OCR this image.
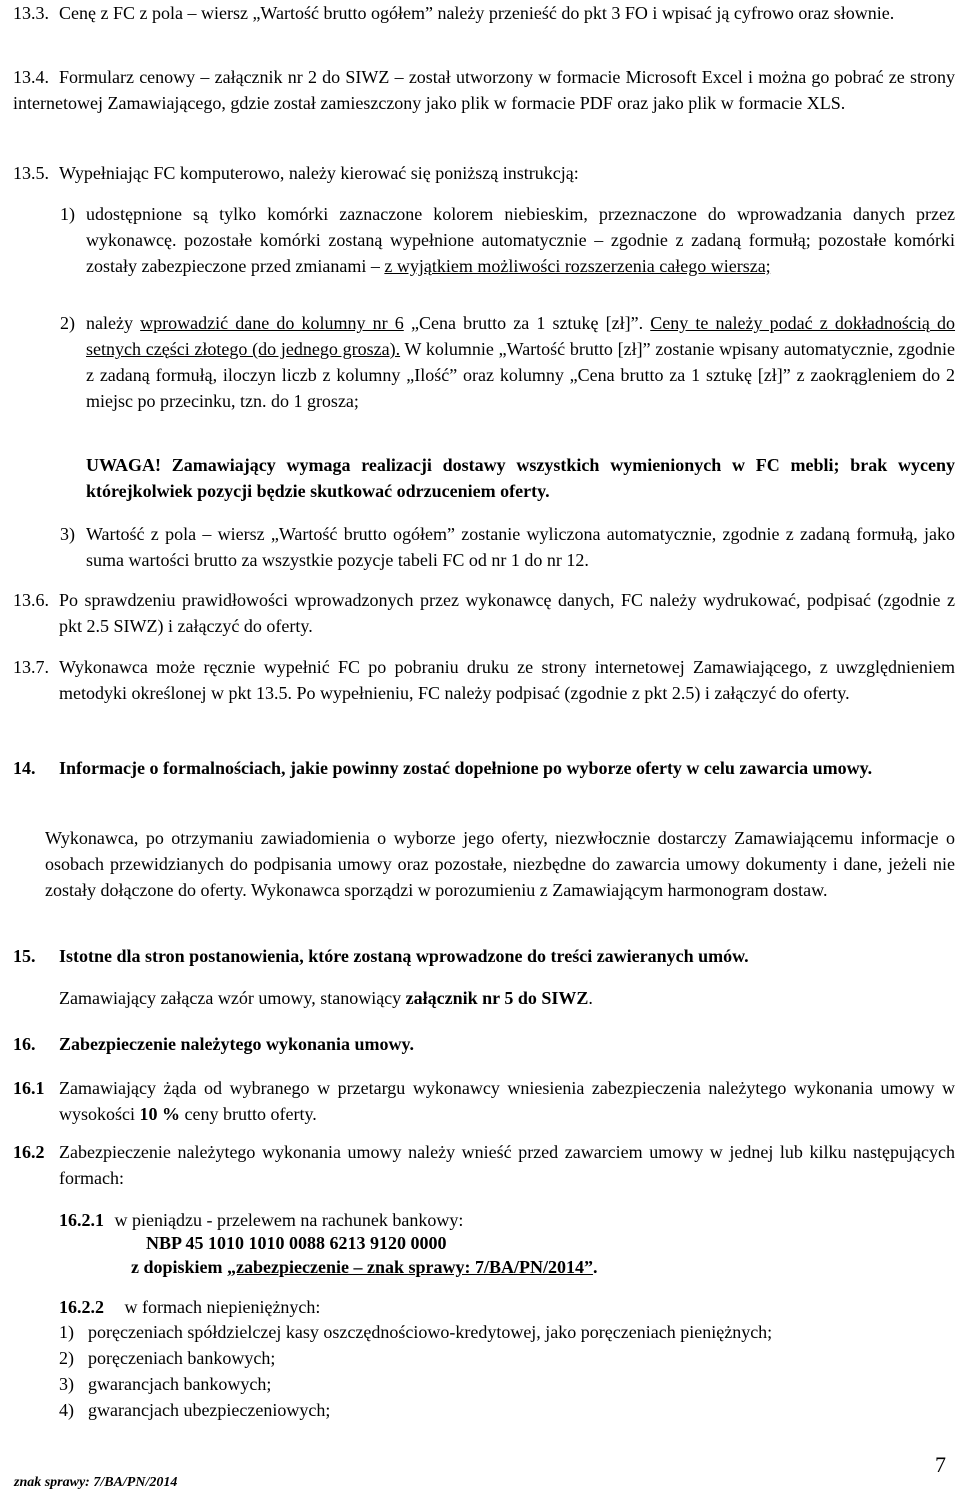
13.3. Cenę z FC z pola – wiersz „Wartość brutto ogółem” należy przenieść do pkt 3 FO i wpisać ją cyfrowo oraz słownie.
13.4. Formularz cenowy – załącznik nr 2 do SIWZ – został utworzony w formacie Microsoft Excel i można go pobrać ze strony internetowej Zamawiającego, gdzie został zamieszczony jako plik w formacie PDF oraz jako plik w formacie XLS.
13.5. Wypełniając FC komputerowo, należy kierować się poniższą instrukcją:
1) udostępnione są tylko komórki zaznaczone kolorem niebieskim, przeznaczone do wprowadzania danych przez wykonawcę. pozostałe komórki zostaną wypełnione automatycznie – zgodnie z zadaną formułą; pozostałe komórki zostały zabezpieczone przed zmianami – z wyjątkiem możliwości rozszerzenia całego wiersza;
2) należy wprowadzić dane do kolumny nr 6 „Cena brutto za 1 sztukę [zł]”. Ceny te należy podać z dokładnością do setnych części złotego (do jednego grosza). W kolumnie „Wartość brutto [zł]” zostanie wpisany automatycznie, zgodnie z zadaną formułą, iloczyn liczb z kolumny „Ilość” oraz kolumny „Cena brutto za 1 sztukę [zł]” z zaokrągleniem do 2 miejsc po przecinku, tzn. do 1 grosza;
UWAGA! Zamawiający wymaga realizacji dostawy wszystkich wymienionych w FC mebli; brak wyceny którejkolwiek pozycji będzie skutkować odrzuceniem oferty.
3) Wartość z pola – wiersz „Wartość brutto ogółem” zostanie wyliczona automatycznie, zgodnie z zadaną formułą, jako suma wartości brutto za wszystkie pozycje tabeli FC od nr 1 do nr 12.
13.6. Po sprawdzeniu prawidłowości wprowadzonych przez wykonawcę danych, FC należy wydrukować, podpisać (zgodnie z pkt 2.5 SIWZ) i załączyć do oferty.
13.7. Wykonawca może ręcznie wypełnić FC po pobraniu druku ze strony internetowej Zamawiającego, z uwzględnieniem metodyki określonej w pkt 13.5. Po wypełnieniu, FC należy podpisać (zgodnie z pkt 2.5) i załączyć do oferty.
14. Informacje o formalnościach, jakie powinny zostać dopełnione po wyborze oferty w celu zawarcia umowy.
Wykonawca, po otrzymaniu zawiadomienia o wyborze jego oferty, niezwłocznie dostarczy Zamawiającemu informacje o osobach przewidzianych do podpisania umowy oraz pozostałe, niezbędne do zawarcia umowy dokumenty i dane, jeżeli nie zostały dołączone do oferty. Wykonawca sporządzi w porozumieniu z Zamawiającym harmonogram dostaw.
15. Istotne dla stron postanowienia, które zostaną wprowadzone do treści zawieranych umów.
Zamawiający załącza wzór umowy, stanowiący załącznik nr 5 do SIWZ.
16. Zabezpieczenie należytego wykonania umowy.
16.1 Zamawiający żąda od wybranego w przetargu wykonawcy wniesienia zabezpieczenia należytego wykonania umowy w wysokości 10 % ceny brutto oferty.
16.2 Zabezpieczenie należytego wykonania umowy należy wnieść przed zawarciem umowy w jednej lub kilku następujących formach:
16.2.1 w pieniądzu - przelewem na rachunek bankowy:
NBP 45 1010 1010 0088 6213 9120 0000
z dopiskiem „zabezpieczenie – znak sprawy: 7/BA/PN/2014”.
16.2.2 w formach niepieniężnych:
1) poręczeniach spółdzielczej kasy oszczędnościowo-kredytowej, jako poręczeniach pieniężnych;
2) poręczeniach bankowych;
3) gwarancjach bankowych;
4) gwarancjach ubezpieczeniowych;
znak sprawy: 7/BA/PN/2014
7
